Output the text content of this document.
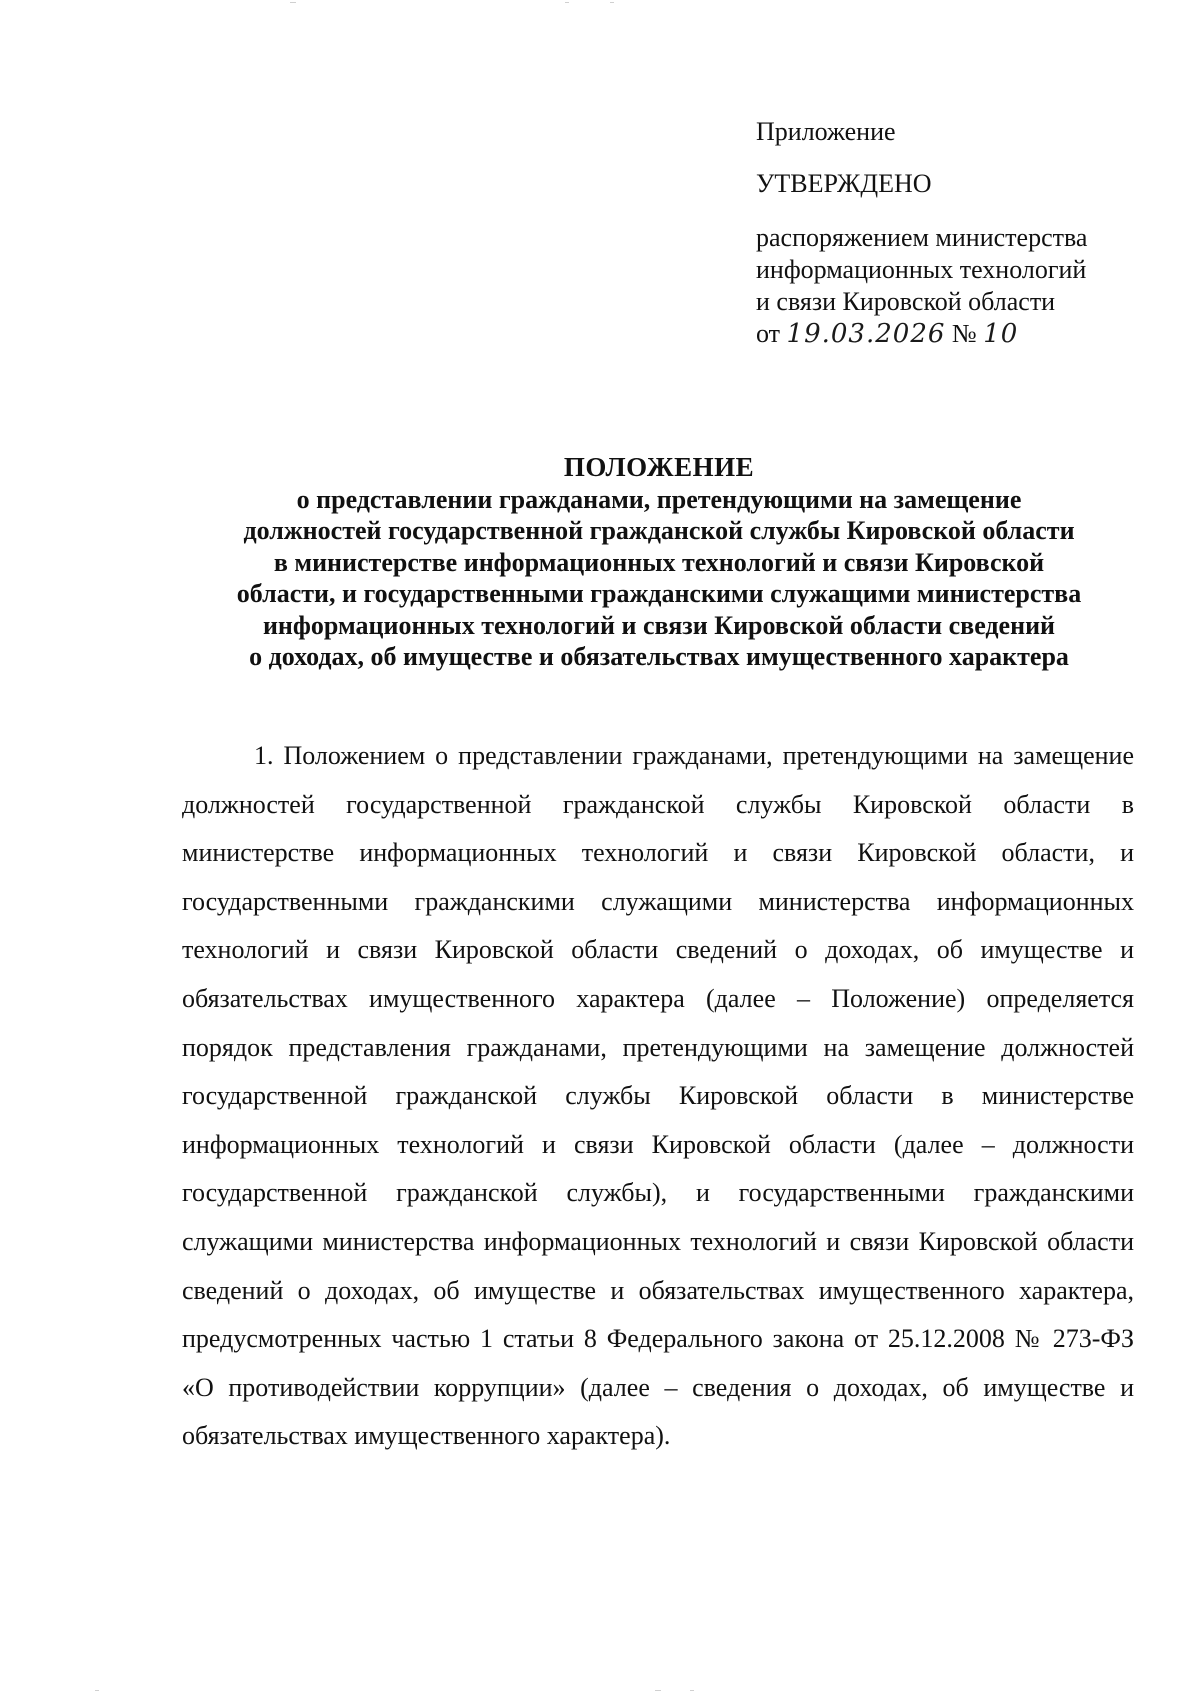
Приложение

УТВЕРЖДЕНО

распоряжением министерства
информационных технологий
и связи Кировской области
от 19.03.2026 № 10
ПОЛОЖЕНИЕ
о представлении гражданами, претендующими на замещение
должностей государственной гражданской службы Кировской области
в министерстве информационных технологий и связи Кировской
области, и государственными гражданскими служащими министерства
информационных технологий и связи Кировской области сведений
о доходах, об имуществе и обязательствах имущественного характера

1. Положением о представлении гражданами, претендующими на замещение должностей государственной гражданской службы Кировской области в министерстве информационных технологий и связи Кировской области, и государственными гражданскими служащими министерства информационных технологий и связи Кировской области сведений о доходах, об имуществе и обязательствах имущественного характера (далее – Положение) определяется порядок представления гражданами, претендующими на замещение должностей государственной гражданской службы Кировской области в министерстве информационных технологий и связи Кировской области (далее – должности государственной гражданской службы), и государственными гражданскими служащими министерства информационных технологий и связи Кировской области сведений о доходах, об имуществе и обязательствах имущественного характера, предусмотренных частью 1 статьи 8 Федерального закона от 25.12.2008 № 273-ФЗ «О противодействии коррупции» (далее – сведения о доходах, об имуществе и обязательствах имущественного характера).
